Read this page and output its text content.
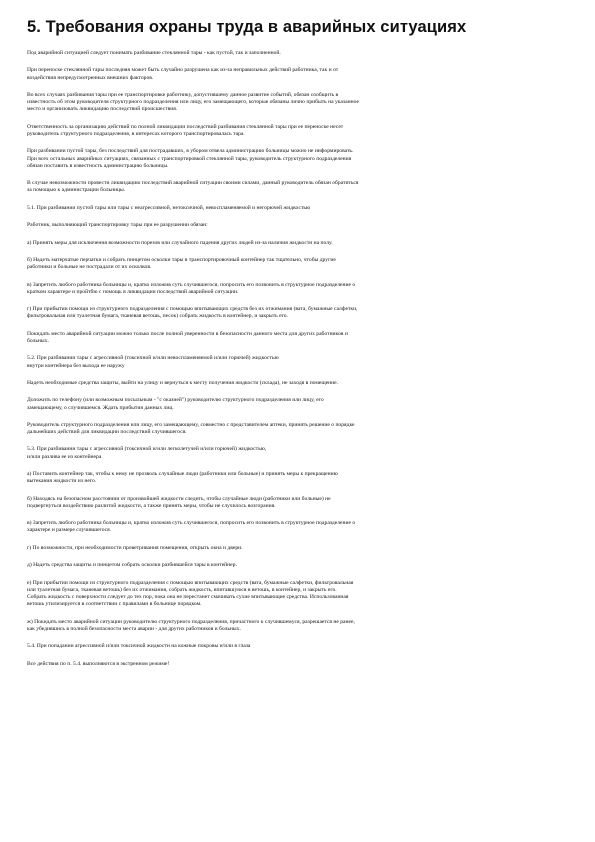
5. Требования охраны труда в аварийных ситуациях

Под аварийной ситуацией следует понимать разбивание стеклянной тары - как пустой, так и заполненной.

При переноске стеклянной тары последняя может быть случайно разрушена как из-за неправильных действий работника, так и от
воздействия непредусмотренных внешних факторов.

Во всех случаях разбивания тары при ее транспортировке работнику, допустившему данное развитие событий, обязан сообщить в
известность об этом руководителя структурного подразделения или лицу, его замещающего, которые обязаны лично прибыть на указанное
место и организовать ликвидацию последствий происшествия.

Ответственность за организацию действий по полной ликвидации последствий разбивания стеклянной тары при ее переноске несет
руководитель структурного подразделения, в интересах которого транспортировалась тара.

При разбивании пустой тары, без последствий для пострадавших, в убором отвела администрацию больницы можно не информировать.
При всех остальных аварийных ситуациях, связанных с транспортировкой стеклянной тары, руководитель структурного подразделения
обязан поставить в известность администрацию больницы.

В случае невозможности провести ликвидацию последствий аварийной ситуации своими силами, данный руководитель обязан обратиться
за помощью к администрации больницы.

5.1. При разбивании пустой тары или тары с неагрессивной, нетоксичной, невоспламеняемой и негорючей жидкостью

Работник, выполняющий транспортировку тары при ее разрушении обязан:

а) Принять меры для исключения возможности порезов или случайного падения других людей из-за наличия жидкости на полу.

б) Надеть матерчатые перчатки и собрать пинцетом осколки тары в транспортировочный контейнер так тщательно, чтобы другие
работники и больные не пострадали от их осколков.

в) Запретить любого работника больницы и, кратко изложив суть случившегося, попросить его позвонить в структурное подразделение о
кратком характере и пройтбю с помощь в ликвидации последствий аварийной ситуации.

г) При прибытии помощи из структурного подразделения с помощью впитывающих средств без их отжимания (вата, бумажные салфетки,
фильтровальная или туалетная бумага, тканевая ветошь, песок) собрать жидкость в контейнер, и закрыть его.

Покидать место аварийной ситуации можно только после полной уверенности в безопасности данного места для других работников и
больных.

5.2. При разбивании тары с агрессивной (токсичной и/или невоспламеняемой и/или горючей) жидкостью
внутри контейнера без выхода ее наружу

Надеть необходимые средства защиты, выйти на улицу и вернуться к месту получения жидкости (склада), не заходя в помещение.

Доложить по телефону (или возможным посыльным - "с оказией") руководителю структурного подразделения или лицу, его
замещающему, о случившемся. Ждать прибытия данных лиц.

Руководитель структурного подразделения или лицу, его замещающему, совместно с представителем аптеки, принять решение о порядке
дальнейших действий для ликвидации последствий случившегося.

5.3. При разбивании тары с агрессивной (токсичной и/или легколетучей и/или горючей) жидкостью,
и/или разлива ее из контейнера

а) Поставить контейнер так, чтобы к нему не прозволь случайные люди (работники или больные) и принять меры к прекращению
вытекания жидкости из него.

б) Находясь на безопасном расстоянии от произвойшей жидкости следить, чтобы случайные люди (работники или больные) не
подвергнуться воздействию разлитой жидкости, а также принять меры, чтобы не случилось возгорания.

в) Запретить любого работника больницы и, кратко изложив суть случившегося, попросить его позвонить в структурное подразделение о
характере и размере случившегося.

г) По возможности, при необходимости проветривания помещения, открыть окна и двери.

д) Надеть средства защиты и пинцетом собрать осколки разбившейся тары в контейнер.

е) При прибытии помощи из структурного подразделения с помощью впитывающих средств (вата, бумажные салфетки, фильтровальная
или туалетная бумага, тканевая ветошь) без их отжимания, собрать жидкость, впитавшуюся в ветошь, в контейнер, и закрыть его.
Собрать жидкость с поверхности следует до тех пор, пока она не перестанет смачивать сухие впитывающие средства. Использованная
ветошь утилизируется в соответствии с правилами в больнице порядком.

ж) Покидать место аварийной ситуации руководителю структурного подразделения, причастного к случившемуся, разрешается не ранее,
как убедившись в полной безопасности места аварии - для других работников и больных.

5.4. При попадании агрессивной и/или токсичной жидкости на кожные покровы и/или в глаза

Все действия по п. 5.4. выполняются в экстренном режиме!
